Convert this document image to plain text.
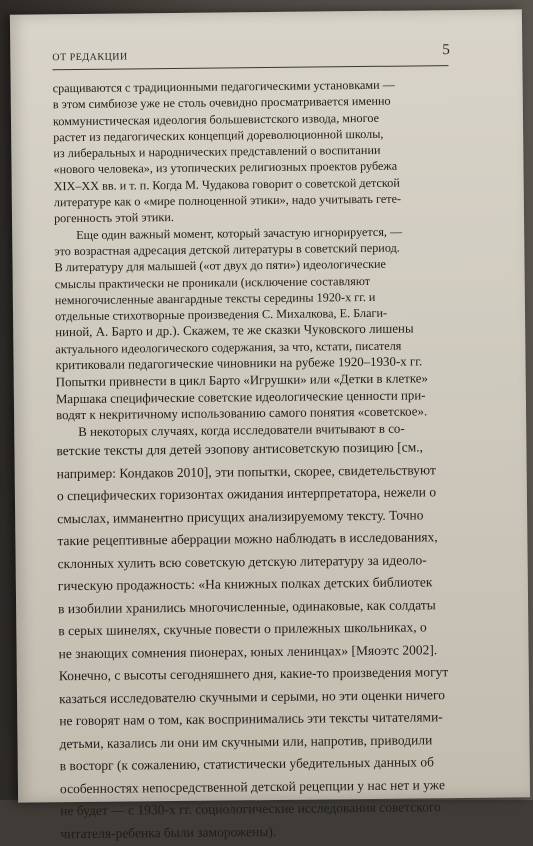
ОТ РЕДАКЦИИ	5
сращиваются с традиционными педагогическими установками —
в этом симбиозе уже не столь очевидно просматривается именно
коммунистическая идеология большевистского извода, многое
растет из педагогических концепций дореволюционной школы,
из либеральных и народнических представлений о воспитании
«нового человека», из утопических религиозных проектов рубежа
XIX–XX вв. и т. п. Когда М. Чудакова говорит о советской детской
литературе как о «мире полноценной этики», надо учитывать гете-
рогенность этой этики.
Еще один важный момент, который зачастую игнорируется, —
это возрастная адресация детской литературы в советский период.
В литературу для малышей («от двух до пяти») идеологические
смыслы практически не проникали (исключение составляют
немногочисленные авангардные тексты середины 1920-х гг. и
отдельные стихотворные произведения С. Михалкова, Е. Благи-
ниной, А. Барто и др.). Скажем, те же сказки Чуковского лишены
актуального идеологического содержания, за что, кстати, писателя
критиковали педагогические чиновники на рубеже 1920–1930-х гг.
Попытки привнести в цикл Барто «Игрушки» или «Детки в клетке»
Маршака специфические советские идеологические ценности при-
водят к некритичному использованию самого понятия «советское».
В некоторых случаях, когда исследователи вчитывают в со-
ветские тексты для детей эзопову антисоветскую позицию [см.,
например: Кондаков 2010], эти попытки, скорее, свидетельствуют
о специфических горизонтах ожидания интерпретатора, нежели о
смыслах, имманентно присущих анализируемому тексту. Точно
такие рецептивные аберрации можно наблюдать в исследованиях,
склонных хулить всю советскую детскую литературу за идеоло-
гическую продажность: «На книжных полках детских библиотек
в изобилии хранились многочисленные, одинаковые, как солдаты
в серых шинелях, скучные повести о прилежных школьниках, о
не знающих сомнения пионерах, юных ленинцах» [Мяоэтс 2002].
Конечно, с высоты сегодняшнего дня, какие-то произведения могут
казаться исследователю скучными и серыми, но эти оценки ничего
не говорят нам о том, как воспринимались эти тексты читателями-
детьми, казались ли они им скучными или, напротив, приводили
в восторг (к сожалению, статистически убедительных данных об
особенностях непосредственной детской рецепции у нас нет и уже
не будет — с 1930-х гг. социологические исследования советского
читателя-ребенка были заморожены).
